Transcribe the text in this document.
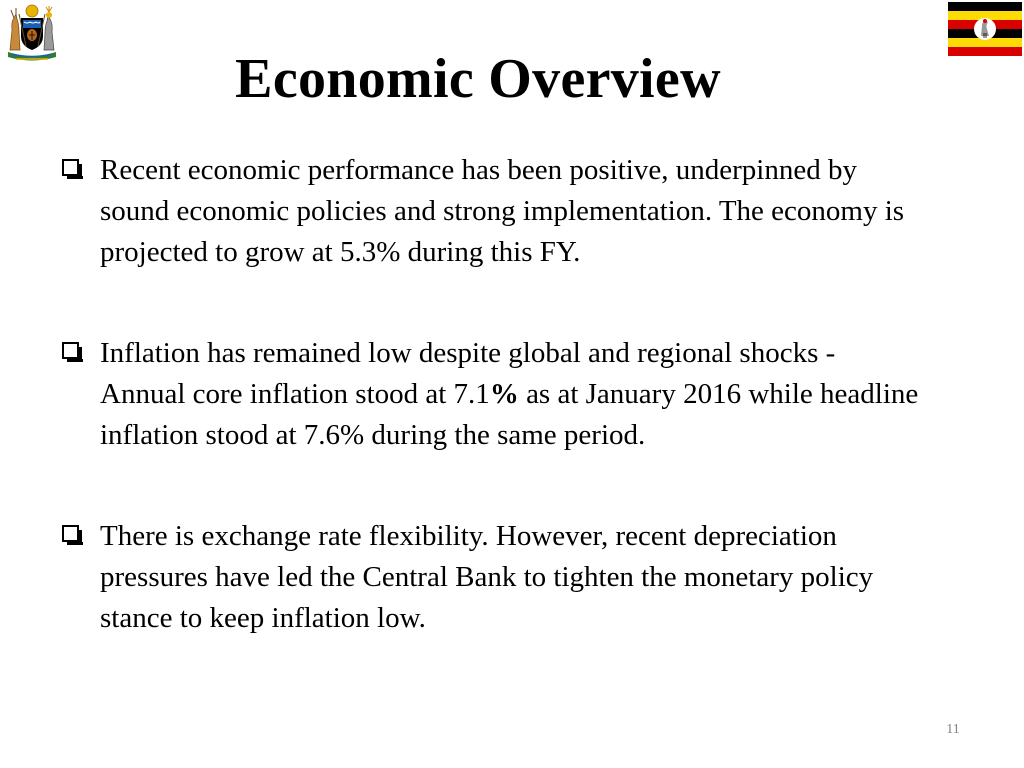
Economic Overview
Recent economic performance has been positive, underpinned by sound economic policies and strong implementation. The economy is projected to grow at 5.3% during this FY.
Inflation has remained low despite global and regional shocks - Annual core inflation stood at 7.1% as at January 2016 while headline inflation stood at 7.6% during the same period.
There is exchange rate flexibility. However, recent depreciation pressures have led the Central Bank to tighten the monetary policy stance to keep inflation low.
11
